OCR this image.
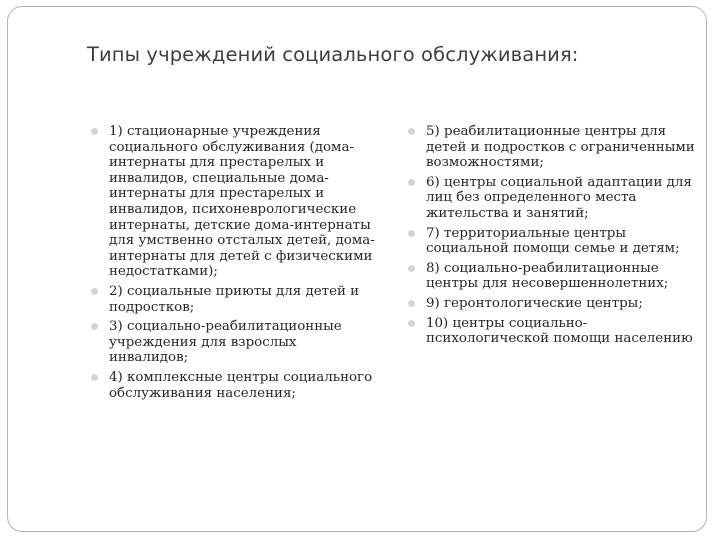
Типы учреждений социального обслуживания:
1) стационарные учреждения социального обслуживания (дома-интернаты для престарелых и инвалидов, специальные дома-интернаты для престарелых и инвалидов, психоневрологические интернаты, детские дома-интернаты для умственно отсталых детей, дома-интернаты для детей с физическими недостатками);
2) социальные приюты для детей и подростков;
3) социально-реабилитационные учреждения для взрослых инвалидов;
4) комплексные центры социального обслуживания населения;
5) реабилитационные центры для детей и подростков с ограниченными возможностями;
6) центры социальной адаптации для лиц без определенного места жительства и занятий;
7) территориальные центры социальной помощи семье и детям;
8) социально-реабилитационные центры для несовершеннолетних;
9) геронтологические центры;
10) центры социально-психологической помощи населению
